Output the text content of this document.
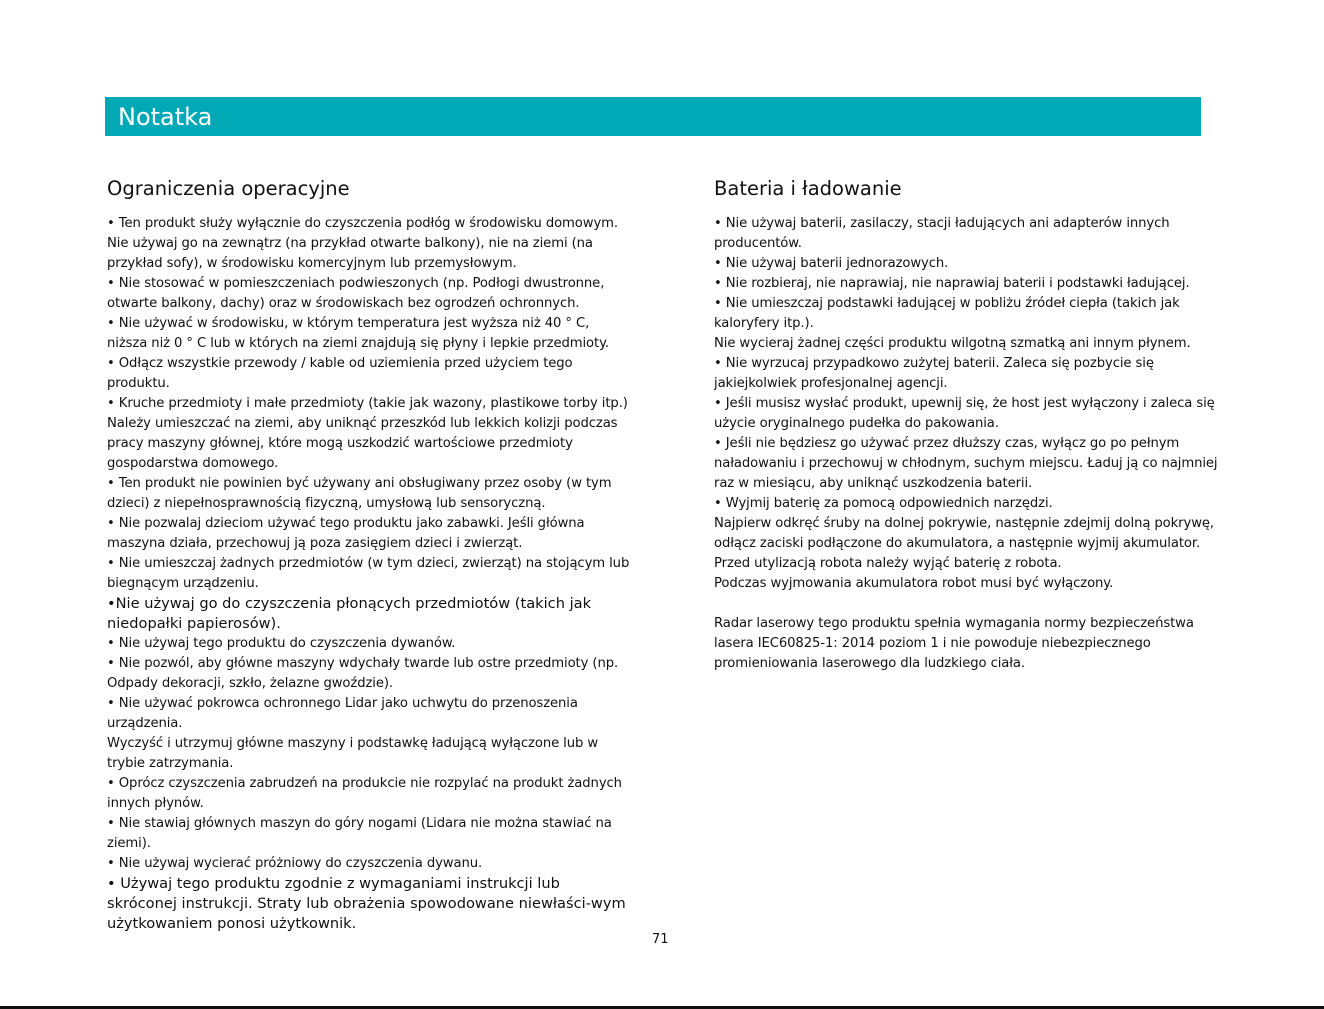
Notatka
Ograniczenia operacyjne

• Ten produkt służy wyłącznie do czyszczenia podłóg w środowisku domowym. Nie używaj go na zewnątrz (na przykład otwarte balkony), nie na ziemi (na przykład sofy), w środowisku komercyjnym lub przemysłowym.

• Nie stosować w pomieszczeniach podwieszonych (np. Podłogi dwustronne, otwarte balkony, dachy) oraz w środowiskach bez ogrodzeń ochronnych.

• Nie używać w środowisku, w którym temperatura jest wyższa niż 40 ° C, niższa niż 0 ° C lub w których na ziemi znajdują się płyny i lepkie przedmioty.

• Odłącz wszystkie przewody / kable od uziemienia przed użyciem tego produktu.

• Kruche przedmioty i małe przedmioty (takie jak wazony, plastikowe torby itp.) Należy umieszczać na ziemi, aby uniknąć przeszkód lub lekkich kolizji podczas pracy maszyny głównej, które mogą uszkodzić wartościowe przedmioty gospodarstwa domowego.

• Ten produkt nie powinien być używany ani obsługiwany przez osoby (w tym dzieci) z niepełnosprawnością fizyczną, umysłową lub sensoryczną.

• Nie pozwalaj dzieciom używać tego produktu jako zabawki. Jeśli główna maszyna działa, przechowuj ją poza zasięgiem dzieci i zwierząt.

• Nie umieszczaj żadnych przedmiotów (w tym dzieci, zwierząt) na stojącym lub biegnącym urządzeniu.

•Nie używaj go do czyszczenia płonących przedmiotów (takich jak niedopałki papierosów).

• Nie używaj tego produktu do czyszczenia dywanów.

• Nie pozwól, aby główne maszyny wdychały twarde lub ostre przedmioty (np. Odpady dekoracji, szkło, żelazne gwoździe).

• Nie używać pokrowca ochronnego Lidar jako uchwytu do przenoszenia urządzenia.

Wyczyść i utrzymuj główne maszyny i podstawkę ładującą wyłączone lub w trybie zatrzymania.

• Oprócz czyszczenia zabrudzeń na produkcie nie rozpylać na produkt żadnych innych płynów.

• Nie stawiaj głównych maszyn do góry nogami (Lidara nie można stawiać na ziemi).

• Nie używaj wycierać próżniowy do czyszczenia dywanu.

• Używaj tego produktu zgodnie z wymaganiami instrukcji lub skróconej instrukcji. Straty lub obrażenia spowodowane niewłaści-wym użytkowaniem ponosi użytkownik.

Bateria i ładowanie

• Nie używaj baterii, zasilaczy, stacji ładujących ani adapterów innych producentów.

• Nie używaj baterii jednorazowych.

• Nie rozbieraj, nie naprawiaj, nie naprawiaj baterii i podstawki ładującej.

• Nie umieszczaj podstawki ładującej w pobliżu źródeł ciepła (takich jak kaloryfery itp.).

Nie wycieraj żadnej części produktu wilgotną szmatką ani innym płynem.

• Nie wyrzucaj przypadkowo zużytej baterii. Zaleca się pozbycie się jakiejkolwiek profesjonalnej agencji.

• Jeśli musisz wysłać produkt, upewnij się, że host jest wyłączony i zaleca się użycie oryginalnego pudełka do pakowania.

• Jeśli nie będziesz go używać przez dłuższy czas, wyłącz go po pełnym naładowaniu i przechowuj w chłodnym, suchym miejscu. Ładuj ją co najmniej raz w miesiącu, aby uniknąć uszkodzenia baterii.

• Wyjmij baterię za pomocą odpowiednich narzędzi.

Najpierw odkręć śruby na dolnej pokrywie, następnie zdejmij dolną pokrywę, odłącz zaciski podłączone do akumulatora, a następnie wyjmij akumulator.

Przed utylizacją robota należy wyjąć baterię z robota.

Podczas wyjmowania akumulatora robot musi być wyłączony.

Radar laserowy tego produktu spełnia wymagania normy bezpieczeństwa lasera IEC60825-1: 2014 poziom 1 i nie powoduje niebezpiecznego promieniowania laserowego dla ludzkiego ciała.

71
